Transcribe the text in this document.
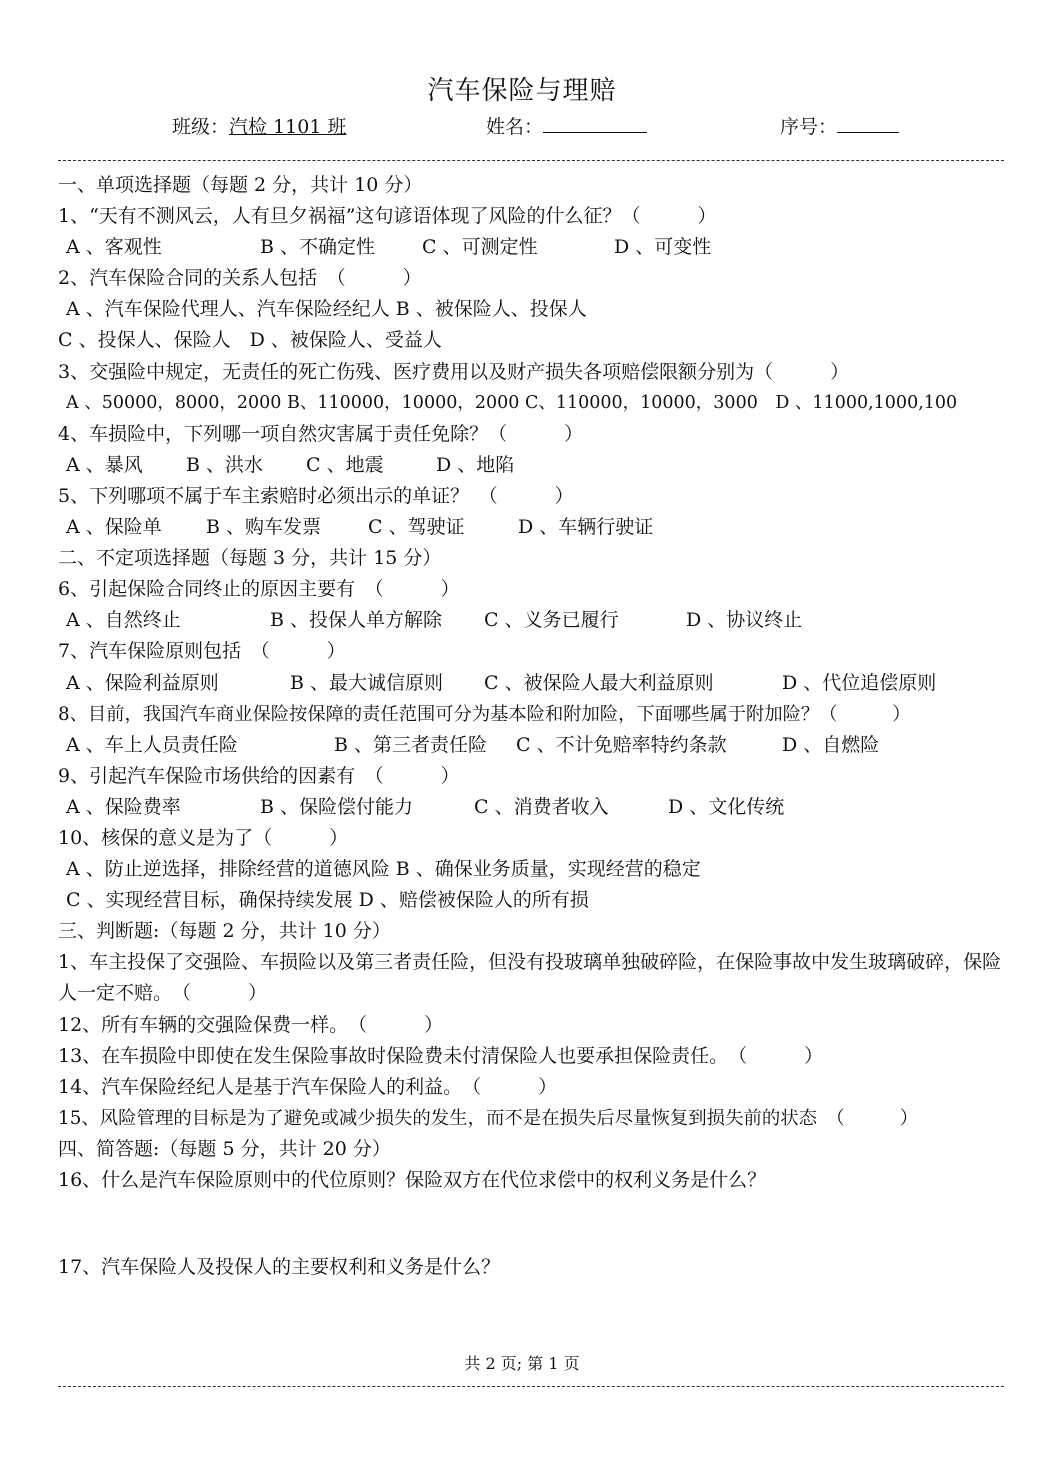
汽车保险与理赔
班级：汽检 1101 班	姓名：	序号：
一、单项选择题（每题 2 分，共计 10 分）
1、“天有不测风云，人有旦夕祸福”这句谚语体现了风险的什么征？（　　　）
A 、客观性	B 、不确定性 C 、可测定性	D 、可变性
2、汽车保险合同的关系人包括　（　　　）
A 、汽车保险代理人、汽车保险经纪人 B 、被保险人、投保人
C 、投保人、保险人　D 、被保险人、受益人
3、交强险中规定，无责任的死亡伤残、医疗费用以及财产损失各项赔偿限额分别为（　　　）
A 、50000，8000，2000 B、110000，10000，2000 C、110000，10000，3000　D 、11000,1000,100
4、车损险中，下列哪一项自然灾害属于责任免除？（　　　）
A 、暴风 B 、洪水 C 、地震	D 、地陷
5、下列哪项不属于车主索赔时必须出示的单证？　（　　　）
A 、保险单 B 、购车发票 C 、驾驶证	D 、车辆行驶证
二、不定项选择题（每题 3 分，共计 15 分）
6、引起保险合同终止的原因主要有　（　　　）
A 、自然终止	B 、投保人单方解除 C 、义务已履行	D 、协议终止
7、汽车保险原则包括　（　　　）
A 、保险利益原则	B 、最大诚信原则 C 、被保险人最大利益原则	D 、代位追偿原则
8、目前，我国汽车商业保险按保障的责任范围可分为基本险和附加险，下面哪些属于附加险？（　　　）
A 、车上人员责任险	B 、第三者责任险 C 、不计免赔率特约条款	D 、自燃险
9、引起汽车保险市场供给的因素有　（　　　）
A 、保险费率	B 、保险偿付能力	C 、消费者收入	D 、文化传统
10、核保的意义是为了（　　　）
A 、防止逆选择，排除经营的道德风险 B 、确保业务质量，实现经营的稳定
C 、实现经营目标，确保持续发展 D 、赔偿被保险人的所有损
三、判断题:（每题 2 分，共计 10 分）
1、车主投保了交强险、车损险以及第三者责任险，但没有投玻璃单独破碎险，在保险事故中发生玻璃破碎，保险人一定不赔。　（　　　）
12、所有车辆的交强险保费一样。　（　　　）
13、在车损险中即使在发生保险事故时保险费未付清保险人也要承担保险责任。　（　　　）
14、汽车保险经纪人是基于汽车保险人的利益。　（　　　）
15、风险管理的目标是为了避免或减少损失的发生，而不是在损失后尽量恢复到损失前的状态　（　　　）
四、简答题:（每题 5 分，共计 20 分）
16、什么是汽车保险原则中的代位原则？保险双方在代位求偿中的权利义务是什么？
17、汽车保险人及投保人的主要权利和义务是什么？
共 2 页; 第 1 页
